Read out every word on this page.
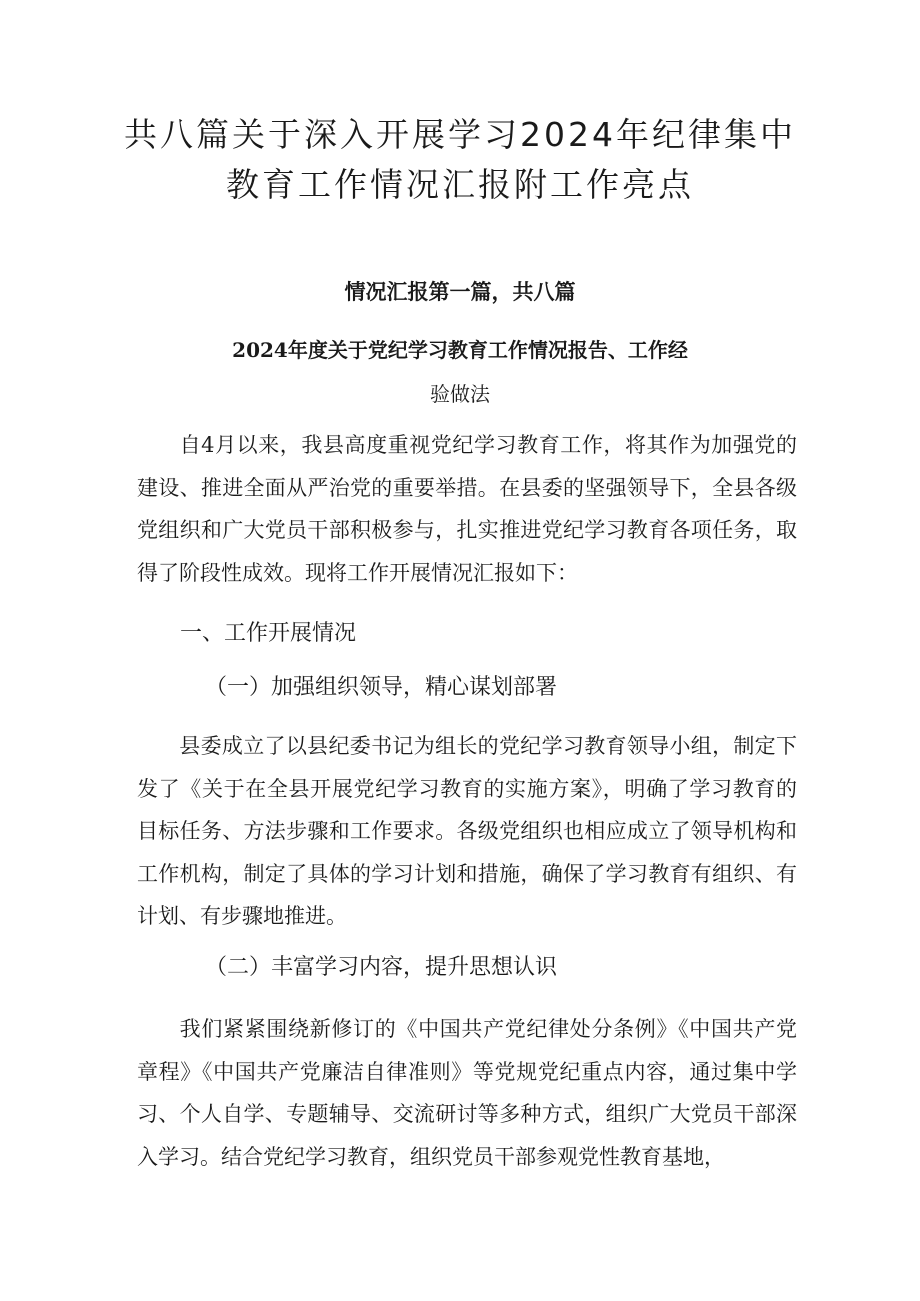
共八篇关于深入开展学习2024年纪律集中
教育工作情况汇报附工作亮点
情况汇报第一篇，共八篇
2024年度关于党纪学习教育工作情况报告、工作经
验做法

自4月以来，我县高度重视党纪学习教育工作，将其作为加强党的建设、推进全面从严治党的重要举措。在县委的坚强领导下，全县各级党组织和广大党员干部积极参与，扎实推进党纪学习教育各项任务，取得了阶段性成效。现将工作开展情况汇报如下：

一、工作开展情况
（一）加强组织领导，精心谋划部署

县委成立了以县纪委书记为组长的党纪学习教育领导小组，制定下发了《关于在全县开展党纪学习教育的实施方案》，明确了学习教育的目标任务、方法步骤和工作要求。各级党组织也相应成立了领导机构和工作机构，制定了具体的学习计划和措施，确保了学习教育有组织、有计划、有步骤地推进。

（二）丰富学习内容，提升思想认识

我们紧紧围绕新修订的《中国共产党纪律处分条例》《中国共产党章程》《中国共产党廉洁自律准则》等党规党纪重点内容，通过集中学习、个人自学、专题辅导、交流研讨等多种方式，组织广大党员干部深入学习。结合党纪学习教育，组织党员干部参观党性教育基地，
